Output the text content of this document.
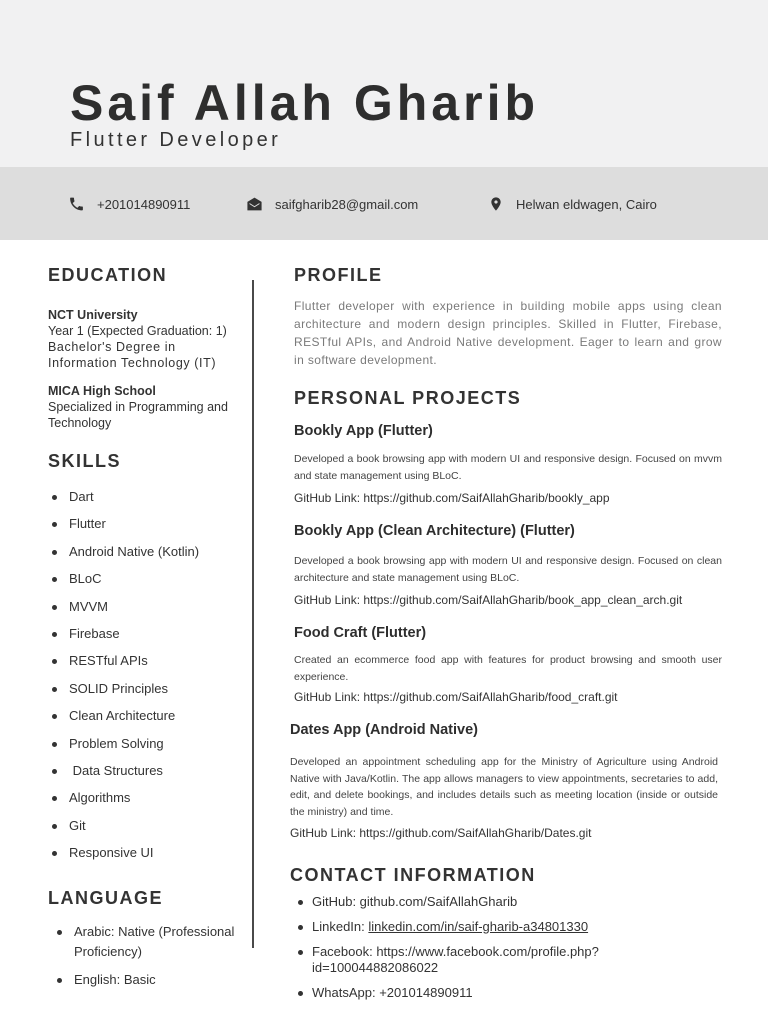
Saif Allah Gharib
Flutter Developer
+201014890911	saifgharib28@gmail.com	Helwan eldwagen, Cairo
EDUCATION
NCT University
Year 1 (Expected Graduation: 1)
Bachelor's Degree in
Information Technology (IT)
MICA High School
Specialized in Programming and
Technology
SKILLS
Dart
Flutter
Android Native (Kotlin)
BLoC
MVVM
Firebase
RESTful APIs
SOLID Principles
Clean Architecture
Problem Solving
Data Structures
Algorithms
Git
Responsive UI
LANGUAGE
Arabic: Native (Professional Proficiency)
English: Basic
PROFILE
Flutter developer with experience in building mobile apps using clean architecture and modern design principles. Skilled in Flutter, Firebase, RESTful APIs, and Android Native development. Eager to learn and grow in software development.
PERSONAL PROJECTS
Bookly App (Flutter)
Developed a book browsing app with modern UI and responsive design. Focused on mvvm and state management using BLoC.
GitHub Link: https://github.com/SaifAllahGharib/bookly_app
Bookly App (Clean Architecture) (Flutter)
Developed a book browsing app with modern UI and responsive design. Focused on clean architecture and state management using BLoC.
GitHub Link: https://github.com/SaifAllahGharib/book_app_clean_arch.git
Food Craft (Flutter)
Created an ecommerce food app with features for product browsing and smooth user experience.
GitHub Link: https://github.com/SaifAllahGharib/food_craft.git
Dates App (Android Native)
Developed an appointment scheduling app for the Ministry of Agriculture using Android Native with Java/Kotlin. The app allows managers to view appointments, secretaries to add, edit, and delete bookings, and includes details such as meeting location (inside or outside the ministry) and time.
GitHub Link: https://github.com/SaifAllahGharib/Dates.git
CONTACT INFORMATION
GitHub: github.com/SaifAllahGharib
LinkedIn: linkedin.com/in/saif-gharib-a34801330
Facebook: https://www.facebook.com/profile.php?id=100044882086022
WhatsApp: +201014890911
